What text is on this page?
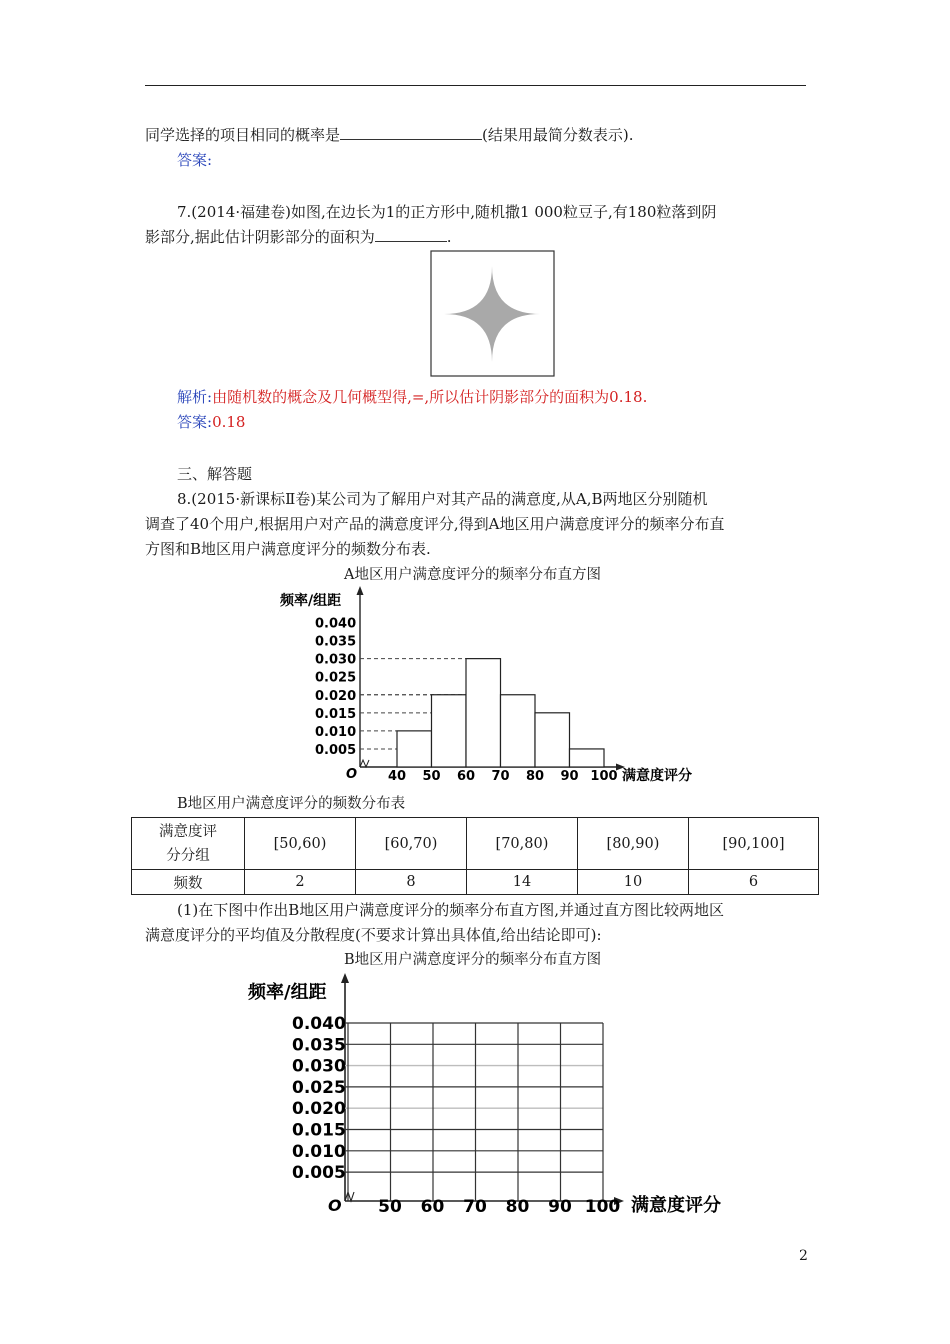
同学选择的项目相同的概率是	(结果用最简分数表示).
答案:
7.(2014·福建卷)如图,在边长为1的正方形中,随机撒1 000粒豆子,有180粒落到阴
影部分,据此估计阴影部分的面积为	.
解析:由随机数的概念及几何概型得,=,所以估计阴影部分的面积为0.18.
答案:0.18
三、解答题
8.(2015·新课标Ⅱ卷)某公司为了解用户对其产品的满意度,从A,B两地区分别随机
调查了40个用户,根据用户对产品的满意度评分,得到A地区用户满意度评分的频率分布直
方图和B地区用户满意度评分的频数分布表.
A地区用户满意度评分的频率分布直方图
频率/组距
满意度评分
O
0.040
0.035
0.030
0.025
0.020
0.015
0.010
0.005
40 50 60 70 80 90 100
B地区用户满意度评分的频数分布表
满意度评
分分组	[50,60)	[60,70)	[70,80)	[80,90)	[90,100]
频数	2	8	14	10	6
(1)在下图中作出B地区用户满意度评分的频率分布直方图,并通过直方图比较两地区
满意度评分的平均值及分散程度(不要求计算出具体值,给出结论即可):
B地区用户满意度评分的频率分布直方图
频率/组距
满意度评分
O
0.040
0.035
0.030
0.025
0.020
0.015
0.010
0.005
50 60 70 80 90 100
2
